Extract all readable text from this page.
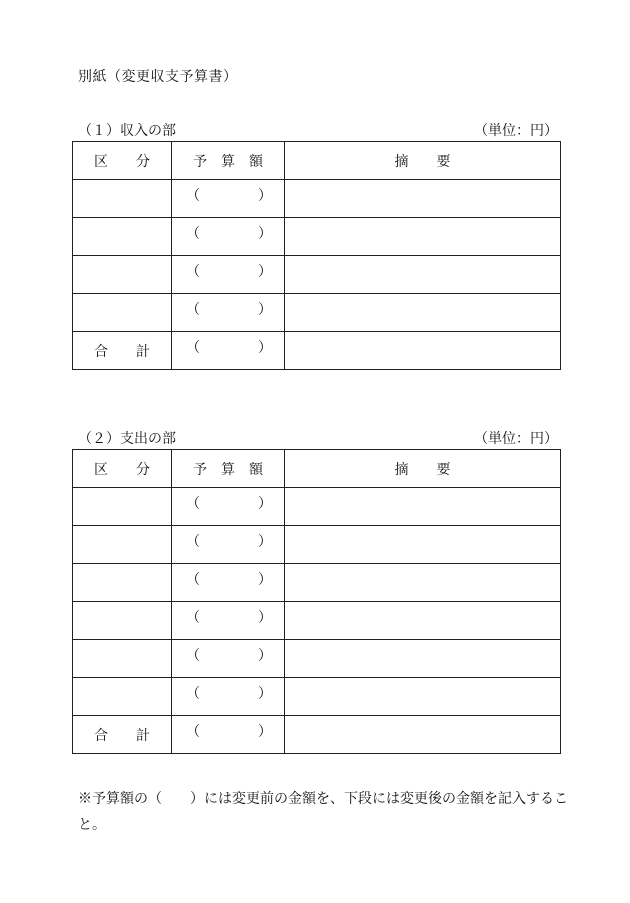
別紙（変更収支予算書）
（１）収入の部	（単位：円）
区　　分	予　算　額	摘　　要

	（ ）	

	（ ）	

	（ ）	

	（ ）	

合　　計	（ ）	

（２）支出の部	（単位：円）
区　　分	予　算　額	摘　　要

	（ ）	

	（ ）	

	（ ）	

	（ ）	

	（ ）	

	（ ）	

合　　計	（ ）	

※予算額の（　　）には変更前の金額を、下段には変更後の金額を記入すること。
